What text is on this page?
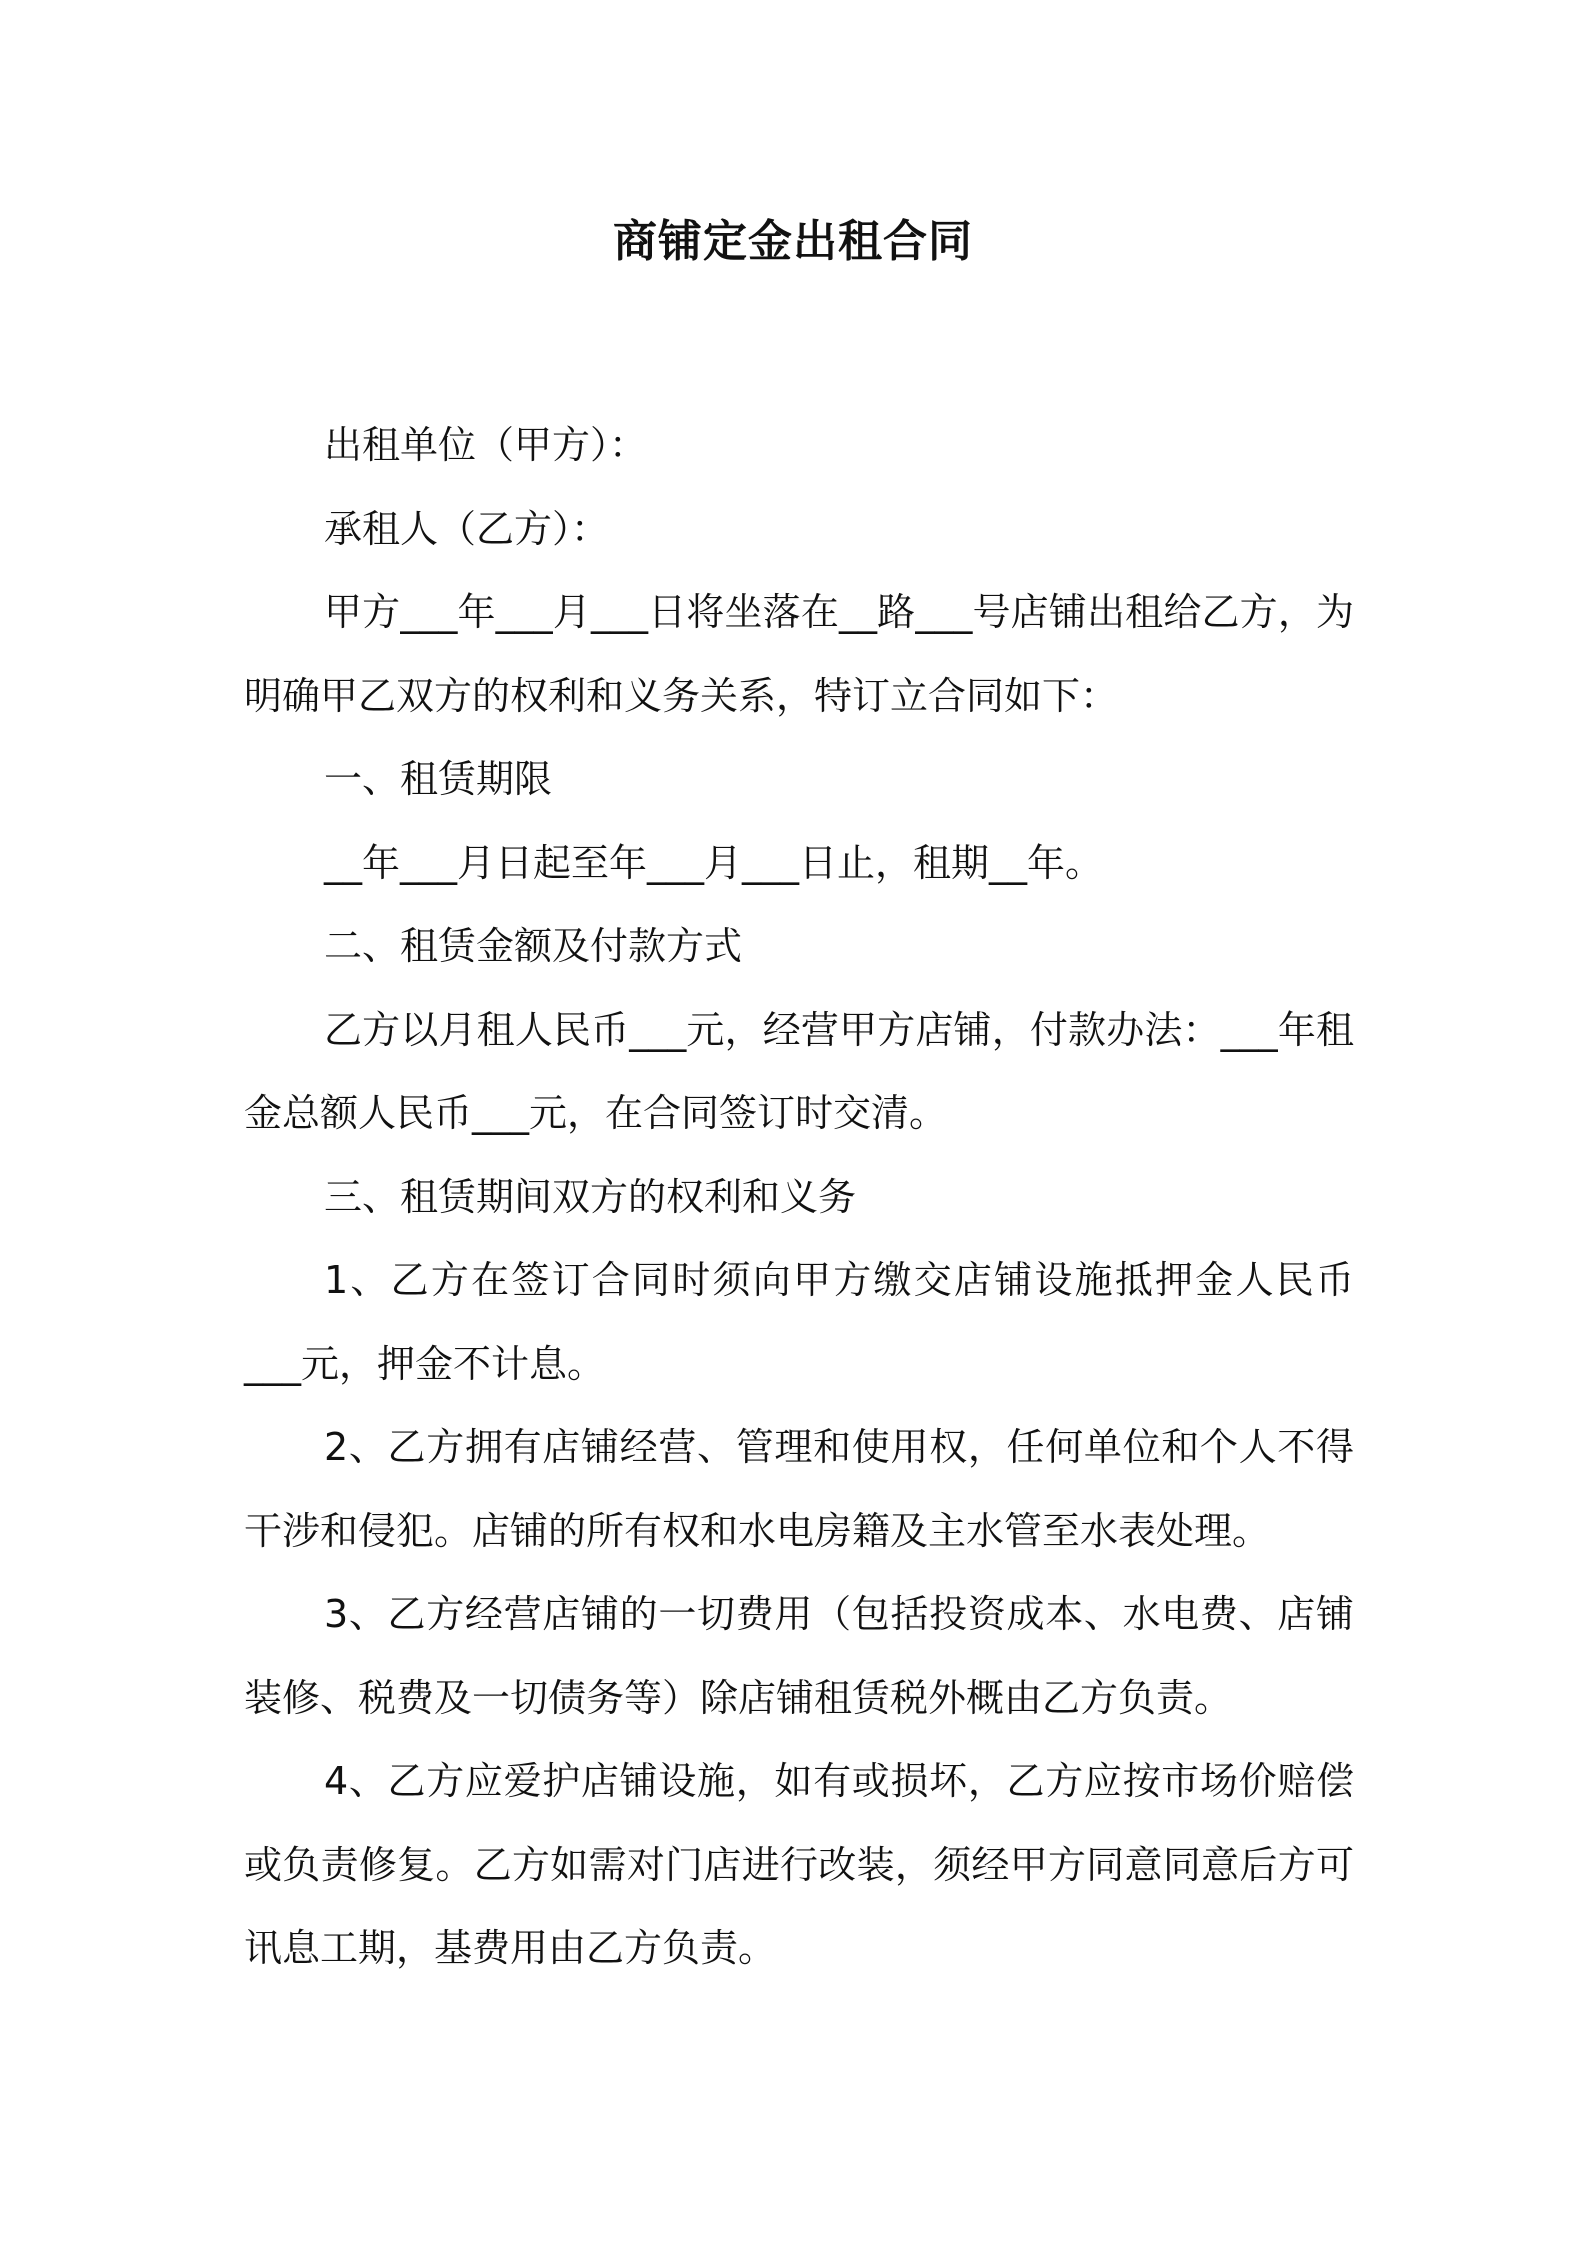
商铺定金出租合同

出租单位（甲方）：

承租人（乙方）：

甲方___年___月___日将坐落在__路___号店铺出租给乙方，为明确甲乙双方的权利和义务关系，特订立合同如下：

一、租赁期限

__年___月日起至年___月___日止，租期__年。

二、租赁金额及付款方式

乙方以月租人民币___元，经营甲方店铺，付款办法：___年租金总额人民币___元，在合同签订时交清。

三、租赁期间双方的权利和义务

1、乙方在签订合同时须向甲方缴交店铺设施抵押金人民币___元，押金不计息。

2、乙方拥有店铺经营、管理和使用权，任何单位和个人不得干涉和侵犯。店铺的所有权和水电房籍及主水管至水表处理。

3、乙方经营店铺的一切费用（包括投资成本、水电费、店铺装修、税费及一切债务等）除店铺租赁税外概由乙方负责。

4、乙方应爱护店铺设施，如有或损坏，乙方应按市场价赔偿或负责修复。乙方如需对门店进行改装，须经甲方同意同意后方可讯息工期，基费用由乙方负责。
